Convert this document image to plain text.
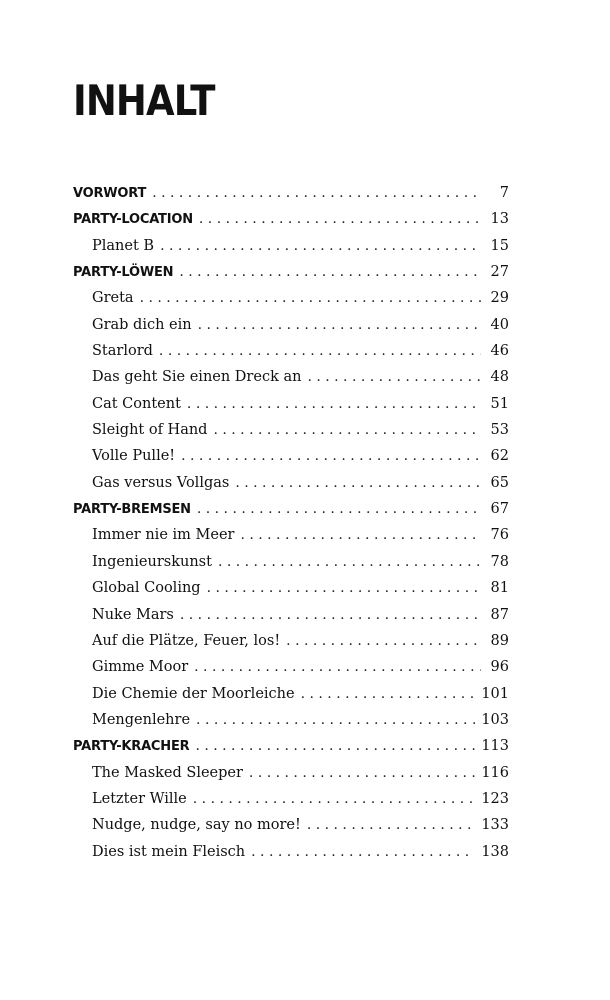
INHALT
VORWORT . . .	7
PARTY-LOCATION . . .	13
Planet B . . .	15
PARTY-LÖWEN . . .	27
Greta . . .	29
Grab dich ein . . .	40
Starlord . . .	46
Das geht Sie einen Dreck an . . .	48
Cat Content . . .	51
Sleight of Hand . . .	53
Volle Pulle! . . .	62
Gas versus Vollgas . . .	65
PARTY-BREMSEN . . .	67
Immer nie im Meer . . .	76
Ingenieurskunst . . .	78
Global Cooling . . .	81
Nuke Mars . . .	87
Auf die Plätze, Feuer, los! . . .	89
Gimme Moor . . .	96
Die Chemie der Moorleiche . . .	101
Mengenlehre . . .	103
PARTY-KRACHER . . .	113
The Masked Sleeper . . .	116
Letzter Wille . . .	123
Nudge, nudge, say no more! . . .	133
Dies ist mein Fleisch . . .	138
